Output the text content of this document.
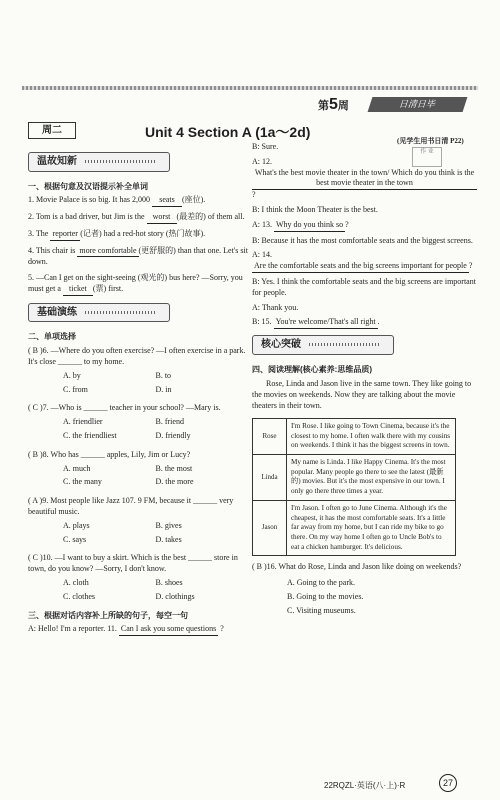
第5周	日清日毕
周二	Unit 4 Section A (1a～2d)
(见学生用书日清 P22)
作 业
温故知新
一、根据句意及汉语提示补全单词
1. Movie Palace is so big. It has 2,000 seats(座位).
2. Tom is a bad driver, but Jim is the worst(最差的) of them all.
3. The reporter(记者) had a red-hot story (热门故事).
4. This chair is more comfortable(更舒服的) than that one. Let's sit down.
5. —Can I get on the sight-seeing (观光的) bus here? —Sorry, you must get a ticket(票) first.
基础演练
二、单项选择
( B )6. —Where do you often exercise? —I often exercise in a park. It's close ______ to my home.
A. by	B. to
C. from	D. in
( C )7. —Who is ______ teacher in your school? —Mary is.
A. friendlier	B. friend
C. the friendliest	D. friendly
( B )8. Who has ______ apples, Lily, Jim or Lucy?
A. much	B. the most
C. the many	D. the more
( A )9. Most people like Jazz 107. 9 FM, because it ______ very beautiful music.
A. plays	B. gives
C. says	D. takes
( C )10. —I want to buy a skirt. Which is the best ______ store in town, do you know? —Sorry, I don't know.
A. cloth	B. shoes
C. clothes	D. clothings
三、根据对话内容补上所缺的句子，每空一句
A: Hello! I'm a reporter. 11. Can I ask you some questions ?
B: Sure.
A: 12. What's the best movie theater in the town/ Which do you think is the best movie theater in the town?
B: I think the Moon Theater is the best.
A: 13. Why do you think so?
B: Because it has the most comfortable seats and the biggest screens.
A: 14. Are the comfortable seats and the big screens important for people?
B: Yes. I think the comfortable seats and the big screens are important for people.
A: Thank you.
B: 15. You're welcome/That's all right.
核心突破
四、阅读理解(核心素养:思维品质)
Rose, Linda and Jason live in the same town. They like going to the movies on weekends. Now they are talking about the movie theaters in their town.
Rose	I'm Rose. I like going to Town Cinema, because it's the closest to my home. I often walk there with my cousins on weekends. I think it has the biggest screens in town.
Linda	My name is Linda. I like Happy Cinema. It's the most popular. Many people go there to see the latest (最新的) movies. But it's the most expensive in our town. I only go there three times a year.
Jason	I'm Jason. I often go to June Cinema. Although it's the cheapest, it has the most comfortable seats. It's a little far away from my home, but I can ride my bike to go there. On my way home I often go to Uncle Bob's to eat a chicken hamburger. It's delicious.
( B )16. What do Rose, Linda and Jason like doing on weekends?
A. Going to the park.
B. Going to the movies.
C. Visiting museums.
22RQZL·英语(八·上)·R	27
